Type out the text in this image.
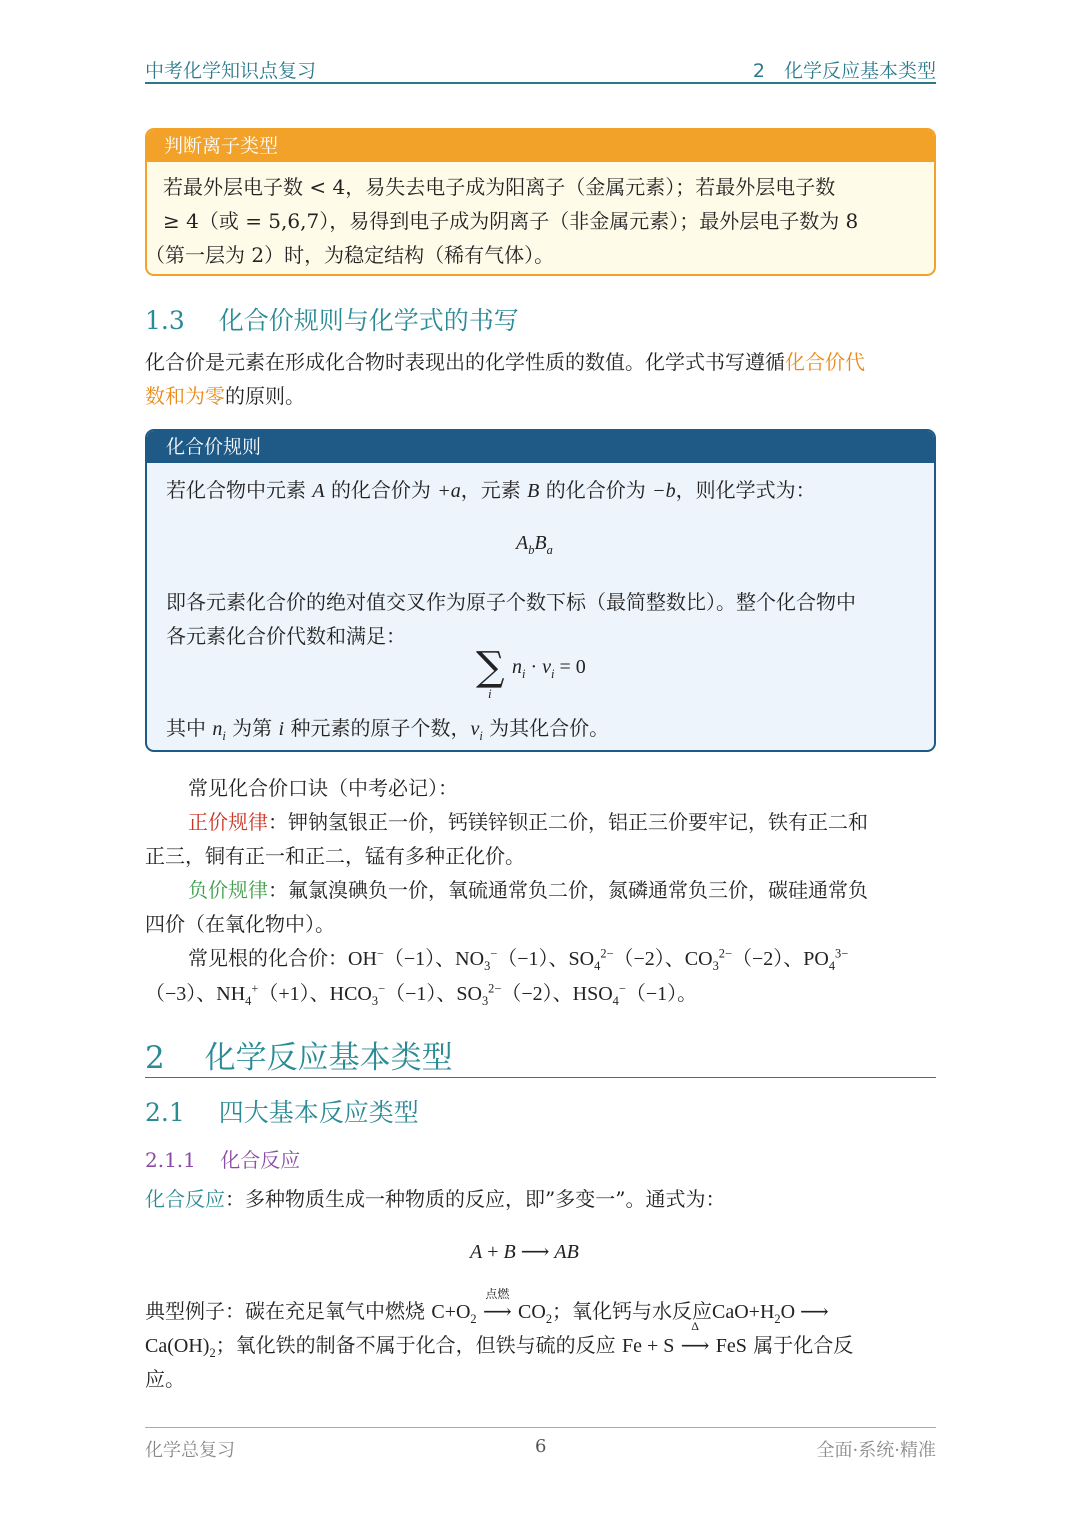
中考化学知识点复习	2　化学反应基本类型
判断离子类型
若最外层电子数 < 4，易失去电子成为阳离子（金属元素）；若最外层电子数
≥ 4（或 = 5,6,7），易得到电子成为阴离子（非金属元素）；最外层电子数为 8
（第一层为 2）时，为稳定结构（稀有气体）。
1.3 化合价规则与化学式的书写
化合价是元素在形成化合物时表现出的化学性质的数值。化学式书写遵循化合价代
数和为零的原则。
化合价规则
若化合物中元素 A 的化合价为 +a，元素 B 的化合价为 −b，则化学式为：
$A_bB_a$
即各元素化合价的绝对值交叉作为原子个数下标（最简整数比）。整个化合物中
各元素化合价代数和满足：
∑
i
$n_i \cdot v_i = 0$
其中 $n_i$ 为第 i 种元素的原子个数，$v_i$ 为其化合价。
常见化合价口诀（中考必记）：
正价规律：钾钠氢银正一价，钙镁锌钡正二价，铝正三价要牢记，铁有正二和
正三，铜有正一和正二，锰有多种正化价。
负价规律：氟氯溴碘负一价，氧硫通常负二价，氮磷通常负三价，碳硅通常负
四价（在氧化物中）。
常见根的化合价：OH−（−1）、$NO_3^-(-1)$、$SO_4^{2-}(-2)$、$CO_3^{2-}(-2)$、$PO_4^{3-}$
（−3）、$NH_4^+(+1)$、$HCO_3^-(-1)$、$SO_3^{2-}(-2)$、$HSO_4^-(-1)$。
2 化学反应基本类型
2.1 四大基本反应类型
2.1.1 化合反应
化合反应：多种物质生成一种物质的反应，即”多变一”。通式为：
A + B ⟶ AB
典型例子：碳在充足氧气中燃烧 $C+O_2$
点燃
⟶ $CO_2$；氧化钙与水反应$CaO+H_2O$ ⟶
$Ca(OH)_2$；氧化铁的制备不属于化合，但铁与硫的反应 Fe + S
Δ
⟶ FeS 属于化合反
应。
化学总复习	6	全面·系统·精准
